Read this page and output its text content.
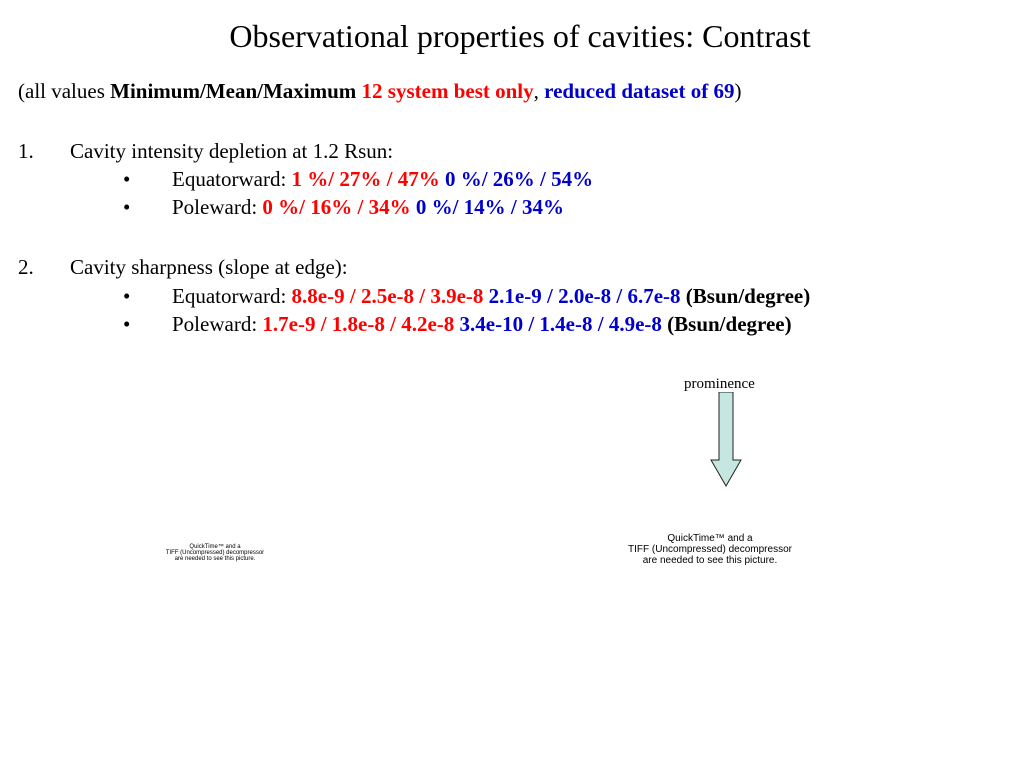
Observational properties of cavities: Contrast
(all values Minimum/Mean/Maximum 12 system best only, reduced dataset of 69)
1. Cavity intensity depletion at 1.2 Rsun:
• Equatorward: 1 %/ 27% / 47% 0 %/ 26% / 54%
• Poleward: 0 %/ 16% / 34% 0 %/ 14% / 34%
2. Cavity sharpness (slope at edge):
• Equatorward: 8.8e-9 / 2.5e-8 / 3.9e-8 2.1e-9 / 2.0e-8 / 6.7e-8 (Bsun/degree)
• Poleward: 1.7e-9 / 1.8e-8 / 4.2e-8 3.4e-10 / 1.4e-8 / 4.9e-8 (Bsun/degree)
prominence
QuickTime™ and a
TIFF (Uncompressed) decompressor
are needed to see this picture.
QuickTime™ and a
TIFF (Uncompressed) decompressor
are needed to see this picture.
